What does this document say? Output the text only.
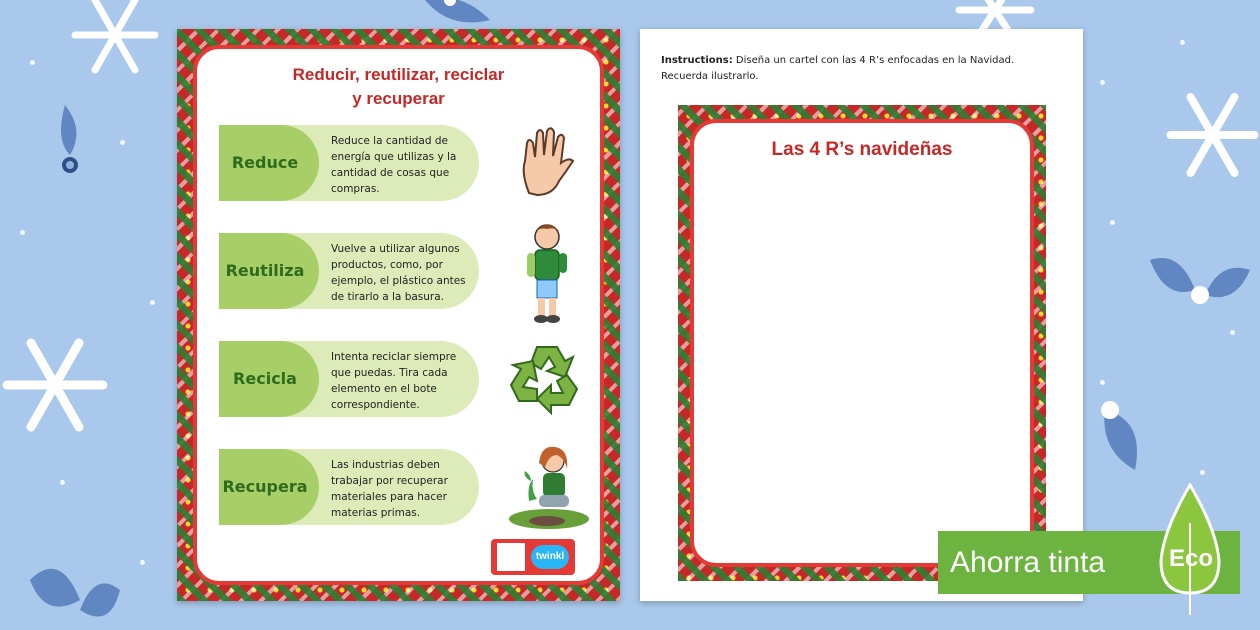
Reducir, reutilizar, reciclar
y recuperar
Reduce
Reduce la cantidad de energía que utilizas y la cantidad de cosas que compras.
Reutiliza
Vuelve a utilizar algunos productos, como, por ejemplo, el plástico antes de tirarlo a la basura.
Recicla
Intenta reciclar siempre que puedas. Tira cada elemento en el bote correspondiente.
Recupera
Las industrias deben trabajar por recuperar materiales para hacer materias primas.
twinkl
Instructions: Diseña un cartel con las 4 R’s enfocadas en la Navidad. Recuerda ilustrarlo.
Las 4 R’s navideñas
Ahorra tinta	Eco
